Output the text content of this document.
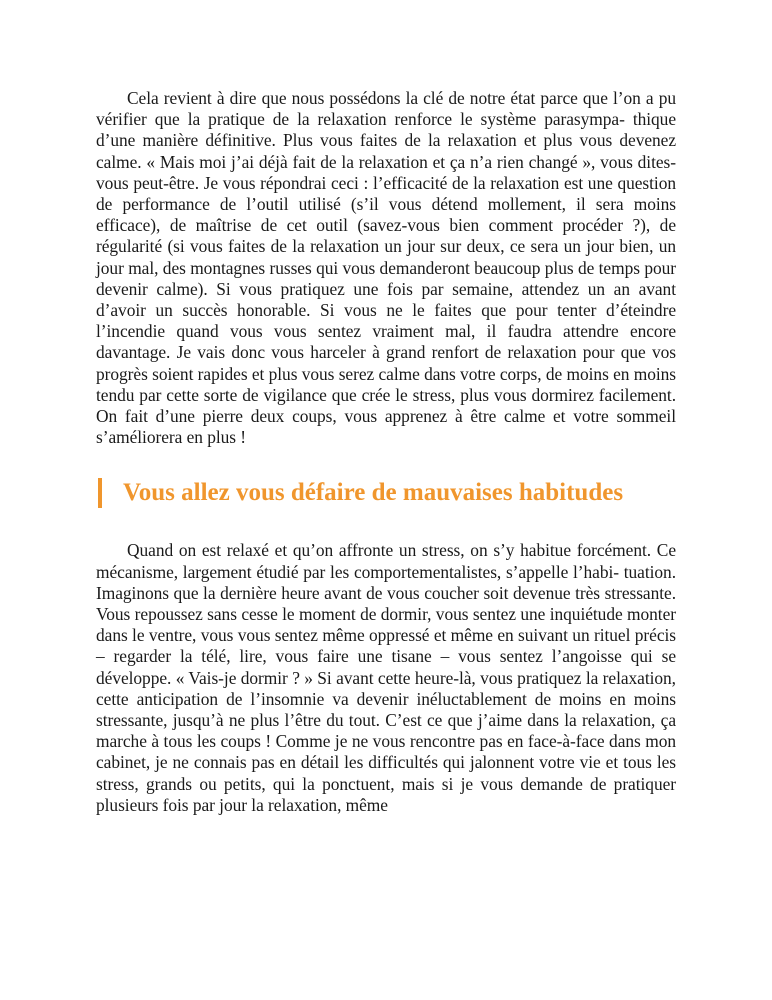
Cela revient à dire que nous possédons la clé de notre état parce que l’on a pu vérifier que la pratique de la relaxation renforce le système parasympa- thique d’une manière définitive. Plus vous faites de la relaxation et plus vous devenez calme. « Mais moi j’ai déjà fait de la relaxation et ça n’a rien changé », vous dites-vous peut-être. Je vous répondrai ceci : l’efficacité de la relaxation est une question de performance de l’outil utilisé (s’il vous détend mollement, il sera moins efficace), de maîtrise de cet outil (savez-vous bien comment procéder ?), de régularité (si vous faites de la relaxation un jour sur deux, ce sera un jour bien, un jour mal, des montagnes russes qui vous demanderont beaucoup plus de temps pour devenir calme). Si vous pratiquez une fois par semaine, attendez un an avant d’avoir un succès honorable. Si vous ne le faites que pour tenter d’éteindre l’incendie quand vous vous sentez vraiment mal, il faudra attendre encore davantage. Je vais donc vous harceler à grand renfort de relaxation pour que vos progrès soient rapides et plus vous serez calme dans votre corps, de moins en moins tendu par cette sorte de vigilance que crée le stress, plus vous dormirez facilement. On fait d’une pierre deux coups, vous apprenez à être calme et votre sommeil s’améliorera en plus !

Vous allez vous défaire de mauvaises habitudes

Quand on est relaxé et qu’on affronte un stress, on s’y habitue forcément. Ce mécanisme, largement étudié par les comportementalistes, s’appelle l’habi- tuation. Imaginons que la dernière heure avant de vous coucher soit devenue très stressante. Vous repoussez sans cesse le moment de dormir, vous sentez une inquiétude monter dans le ventre, vous vous sentez même oppressé et même en suivant un rituel précis – regarder la télé, lire, vous faire une tisane – vous sentez l’angoisse qui se développe. « Vais-je dormir ? » Si avant cette heure-là, vous pratiquez la relaxation, cette anticipation de l’insomnie va devenir inéluctablement de moins en moins stressante, jusqu’à ne plus l’être du tout. C’est ce que j’aime dans la relaxation, ça marche à tous les coups ! Comme je ne vous rencontre pas en face-à-face dans mon cabinet, je ne connais pas en détail les difficultés qui jalonnent votre vie et tous les stress, grands ou petits, qui la ponctuent, mais si je vous demande de pratiquer plusieurs fois par jour la relaxation, même
